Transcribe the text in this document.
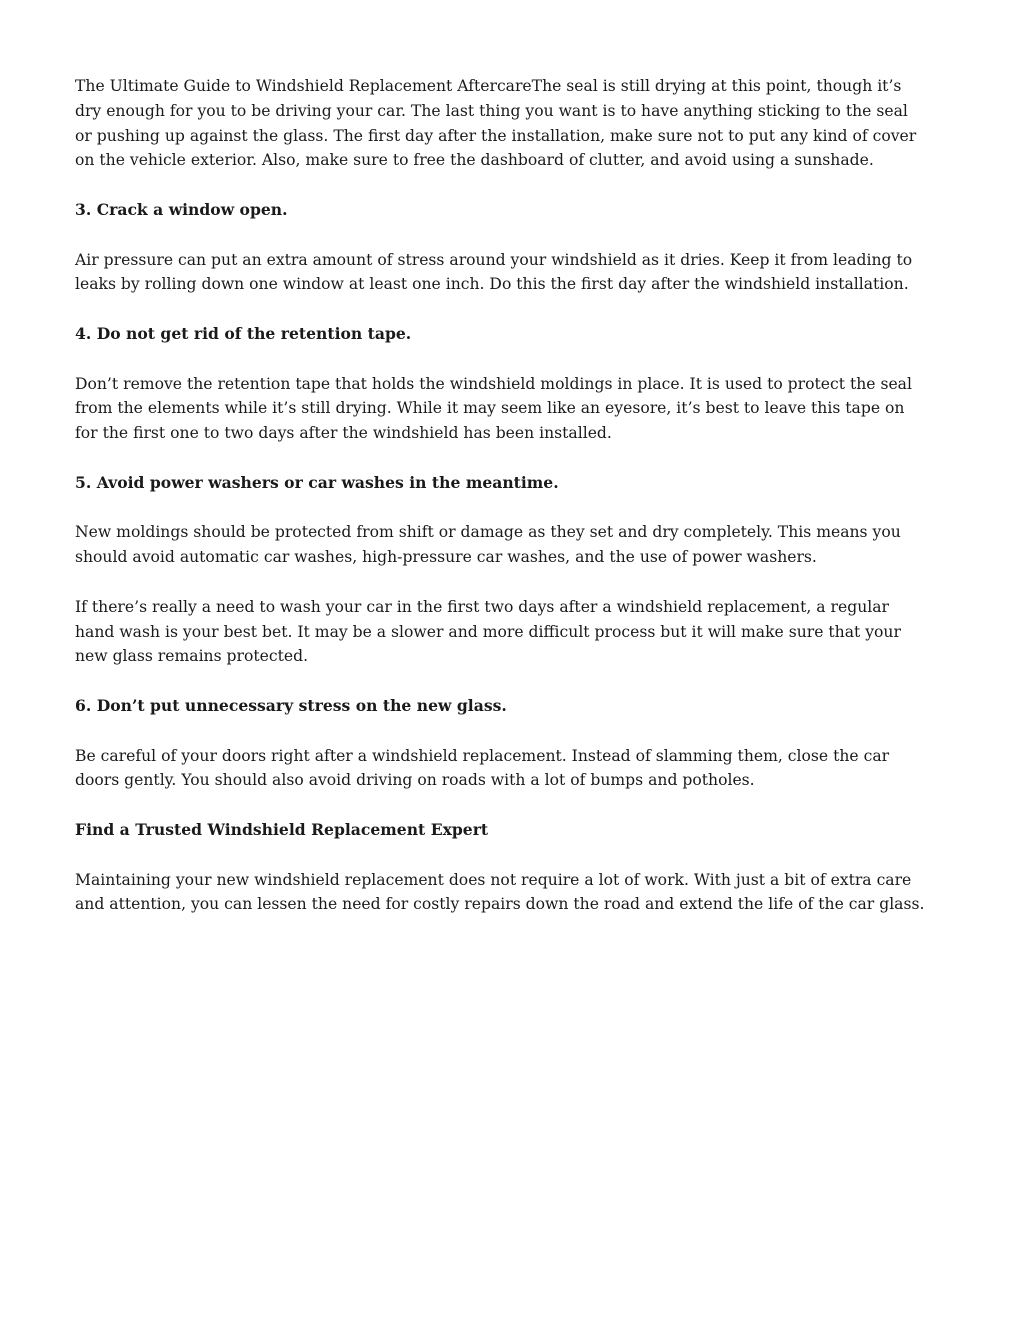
The Ultimate Guide to Windshield Replacement AftercareThe seal is still drying at this point, though it’s
dry enough for you to be driving your car. The last thing you want is to have anything sticking to the seal
or pushing up against the glass. The first day after the installation, make sure not to put any kind of cover
on the vehicle exterior. Also, make sure to free the dashboard of clutter, and avoid using a sunshade.

3. Crack a window open.

Air pressure can put an extra amount of stress around your windshield as it dries. Keep it from leading to
leaks by rolling down one window at least one inch. Do this the first day after the windshield installation.

4. Do not get rid of the retention tape.

Don’t remove the retention tape that holds the windshield moldings in place. It is used to protect the seal
from the elements while it’s still drying. While it may seem like an eyesore, it’s best to leave this tape on
for the first one to two days after the windshield has been installed.

5. Avoid power washers or car washes in the meantime.

New moldings should be protected from shift or damage as they set and dry completely. This means you
should avoid automatic car washes, high-pressure car washes, and the use of power washers.

If there’s really a need to wash your car in the first two days after a windshield replacement, a regular
hand wash is your best bet. It may be a slower and more difficult process but it will make sure that your
new glass remains protected.

6. Don’t put unnecessary stress on the new glass.

Be careful of your doors right after a windshield replacement. Instead of slamming them, close the car
doors gently. You should also avoid driving on roads with a lot of bumps and potholes.

Find a Trusted Windshield Replacement Expert

Maintaining your new windshield replacement does not require a lot of work. With just a bit of extra care
and attention, you can lessen the need for costly repairs down the road and extend the life of the car glass.
